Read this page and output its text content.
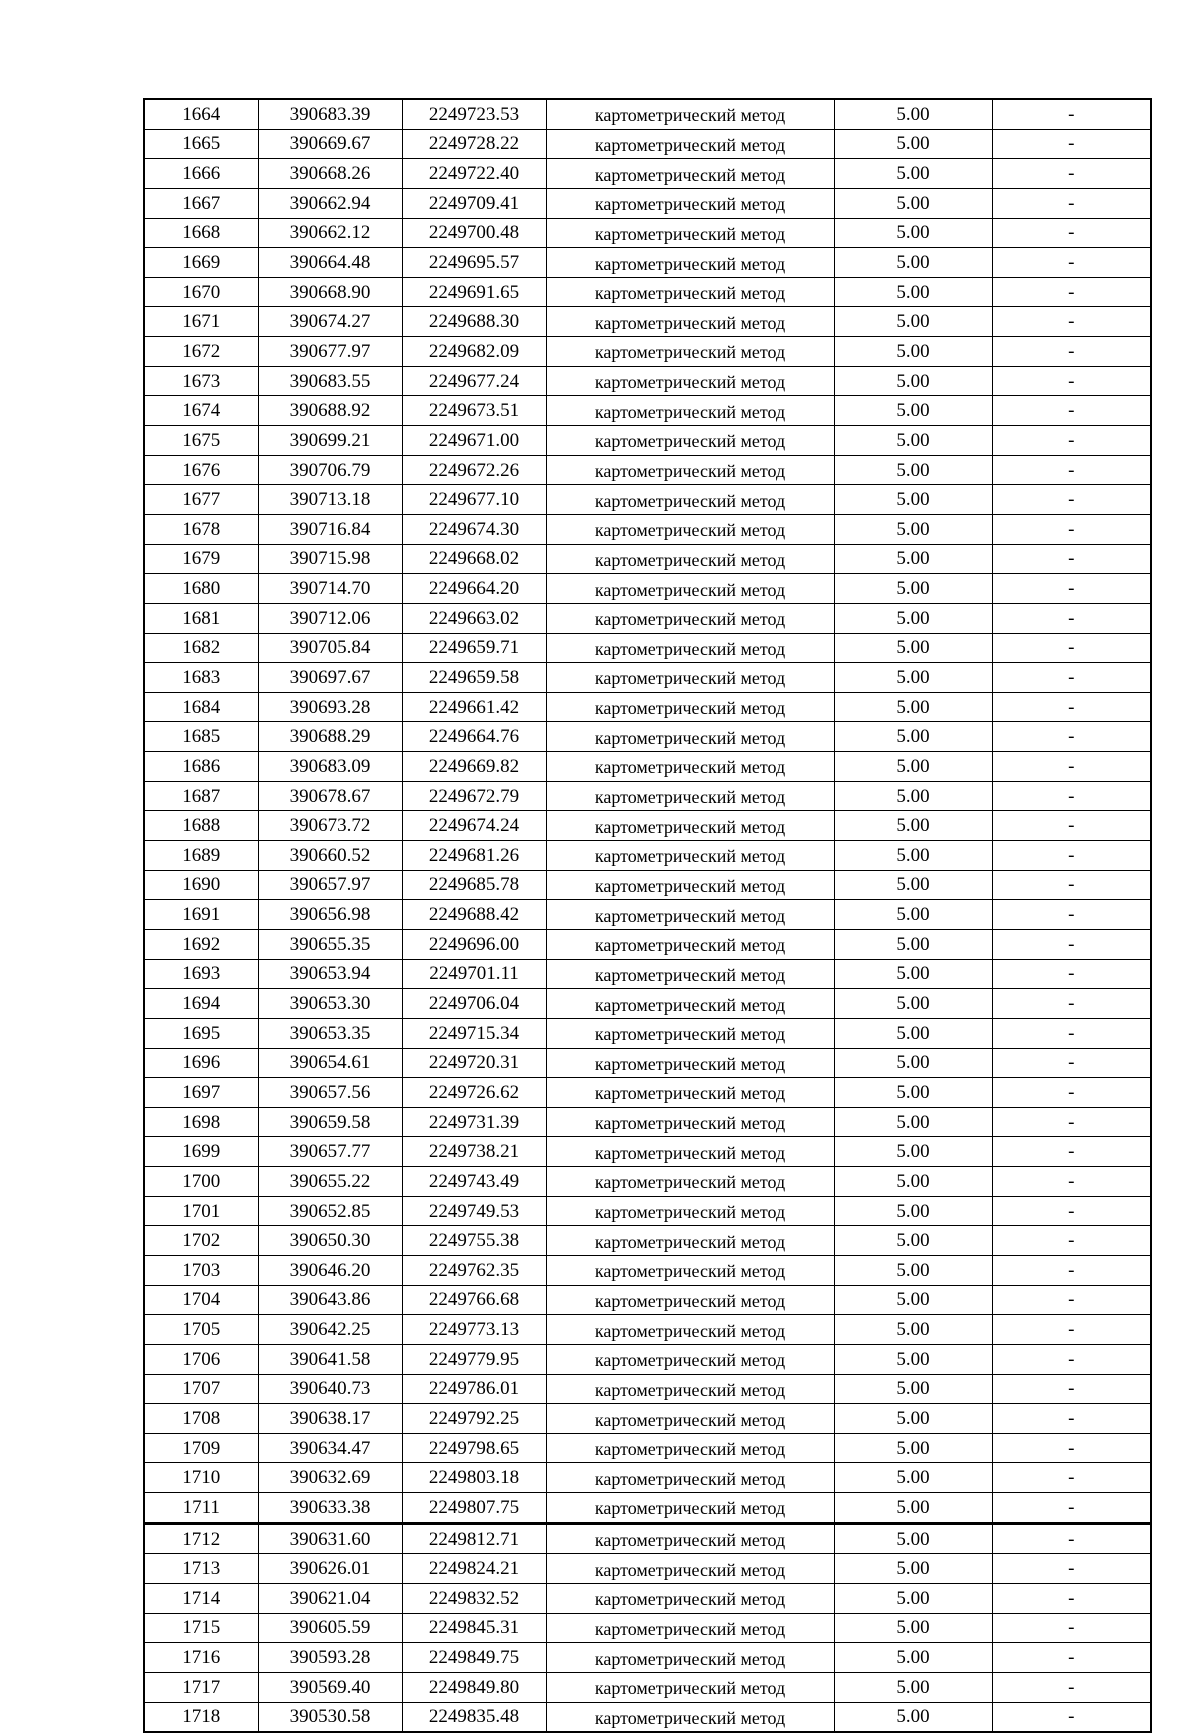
1664	390683.39	2249723.53	картометрический метод	5.00	-
1665	390669.67	2249728.22	картометрический метод	5.00	-
1666	390668.26	2249722.40	картометрический метод	5.00	-
1667	390662.94	2249709.41	картометрический метод	5.00	-
1668	390662.12	2249700.48	картометрический метод	5.00	-
1669	390664.48	2249695.57	картометрический метод	5.00	-
1670	390668.90	2249691.65	картометрический метод	5.00	-
1671	390674.27	2249688.30	картометрический метод	5.00	-
1672	390677.97	2249682.09	картометрический метод	5.00	-
1673	390683.55	2249677.24	картометрический метод	5.00	-
1674	390688.92	2249673.51	картометрический метод	5.00	-
1675	390699.21	2249671.00	картометрический метод	5.00	-
1676	390706.79	2249672.26	картометрический метод	5.00	-
1677	390713.18	2249677.10	картометрический метод	5.00	-
1678	390716.84	2249674.30	картометрический метод	5.00	-
1679	390715.98	2249668.02	картометрический метод	5.00	-
1680	390714.70	2249664.20	картометрический метод	5.00	-
1681	390712.06	2249663.02	картометрический метод	5.00	-
1682	390705.84	2249659.71	картометрический метод	5.00	-
1683	390697.67	2249659.58	картометрический метод	5.00	-
1684	390693.28	2249661.42	картометрический метод	5.00	-
1685	390688.29	2249664.76	картометрический метод	5.00	-
1686	390683.09	2249669.82	картометрический метод	5.00	-
1687	390678.67	2249672.79	картометрический метод	5.00	-
1688	390673.72	2249674.24	картометрический метод	5.00	-
1689	390660.52	2249681.26	картометрический метод	5.00	-
1690	390657.97	2249685.78	картометрический метод	5.00	-
1691	390656.98	2249688.42	картометрический метод	5.00	-
1692	390655.35	2249696.00	картометрический метод	5.00	-
1693	390653.94	2249701.11	картометрический метод	5.00	-
1694	390653.30	2249706.04	картометрический метод	5.00	-
1695	390653.35	2249715.34	картометрический метод	5.00	-
1696	390654.61	2249720.31	картометрический метод	5.00	-
1697	390657.56	2249726.62	картометрический метод	5.00	-
1698	390659.58	2249731.39	картометрический метод	5.00	-
1699	390657.77	2249738.21	картометрический метод	5.00	-
1700	390655.22	2249743.49	картометрический метод	5.00	-
1701	390652.85	2249749.53	картометрический метод	5.00	-
1702	390650.30	2249755.38	картометрический метод	5.00	-
1703	390646.20	2249762.35	картометрический метод	5.00	-
1704	390643.86	2249766.68	картометрический метод	5.00	-
1705	390642.25	2249773.13	картометрический метод	5.00	-
1706	390641.58	2249779.95	картометрический метод	5.00	-
1707	390640.73	2249786.01	картометрический метод	5.00	-
1708	390638.17	2249792.25	картометрический метод	5.00	-
1709	390634.47	2249798.65	картометрический метод	5.00	-
1710	390632.69	2249803.18	картометрический метод	5.00	-
1711	390633.38	2249807.75	картометрический метод	5.00	-
1712	390631.60	2249812.71	картометрический метод	5.00	-
1713	390626.01	2249824.21	картометрический метод	5.00	-
1714	390621.04	2249832.52	картометрический метод	5.00	-
1715	390605.59	2249845.31	картометрический метод	5.00	-
1716	390593.28	2249849.75	картометрический метод	5.00	-
1717	390569.40	2249849.80	картометрический метод	5.00	-
1718	390530.58	2249835.48	картометрический метод	5.00	-
